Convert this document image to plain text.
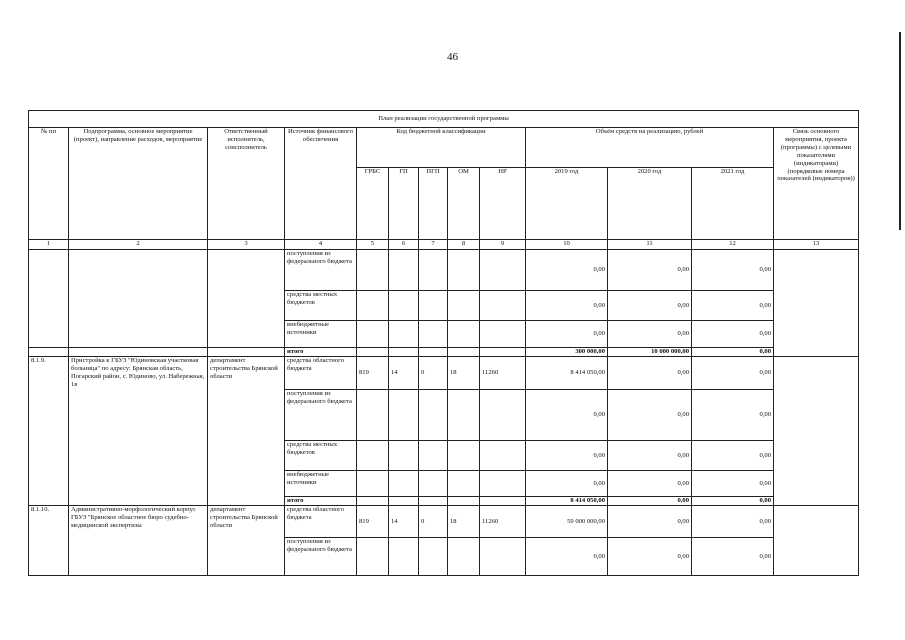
46
План реализации государственной программы												
№ пп	Подпрограмма, основное мероприятие (проект), направление расходов, мероприятие	Ответственный исполнитель, соисполнитель	Источник финансового обеспечения	Код бюджетной классификации					Объём средств на реализацию, рублей			Связь основного мероприятия, проекта (программы) с целевыми показателями (индикаторами) (порядковые номера показателей (индикаторов))
				ГРБС	ГП	ПГП	ОМ	НР	2019 год	2020 год	2021 год	
1	2	3	4	5	6	7	8	9	10	11	12	13
			поступления из федерального бюджета						0,00	0,00	0,00	
			средства местных бюджетов						0,00	0,00	0,00	
			внебюджетные источники						0,00	0,00	0,00	
			итого						300 000,00	10 000 000,00	0,00	
8.1.9.	Пристройка к ГБУЗ "Юдиновская участковая больница" по адресу: Брянская область, Погарский район, с. Юдиново, ул. Набережная, 1в	департамент строительства Брянской области	средства областного бюджета	819	14	0	18	11260	8 414 050,00	0,00	0,00	
			поступления из федерального бюджета						0,00	0,00	0,00	
			средства местных бюджетов						0,00	0,00	0,00	
			внебюджетные источники						0,00	0,00	0,00	
			итого						8 414 050,00	0,00	0,00	
8.1.10.	Административно-морфологический корпус ГБУЗ "Брянское областное бюро судебно-медицинской экспертизы	департамент строительства Брянской области	средства областного бюджета	819	14	0	18	11260	59 000 000,00	0,00	0,00	
			поступления из федерального бюджета						0,00	0,00	0,00	
